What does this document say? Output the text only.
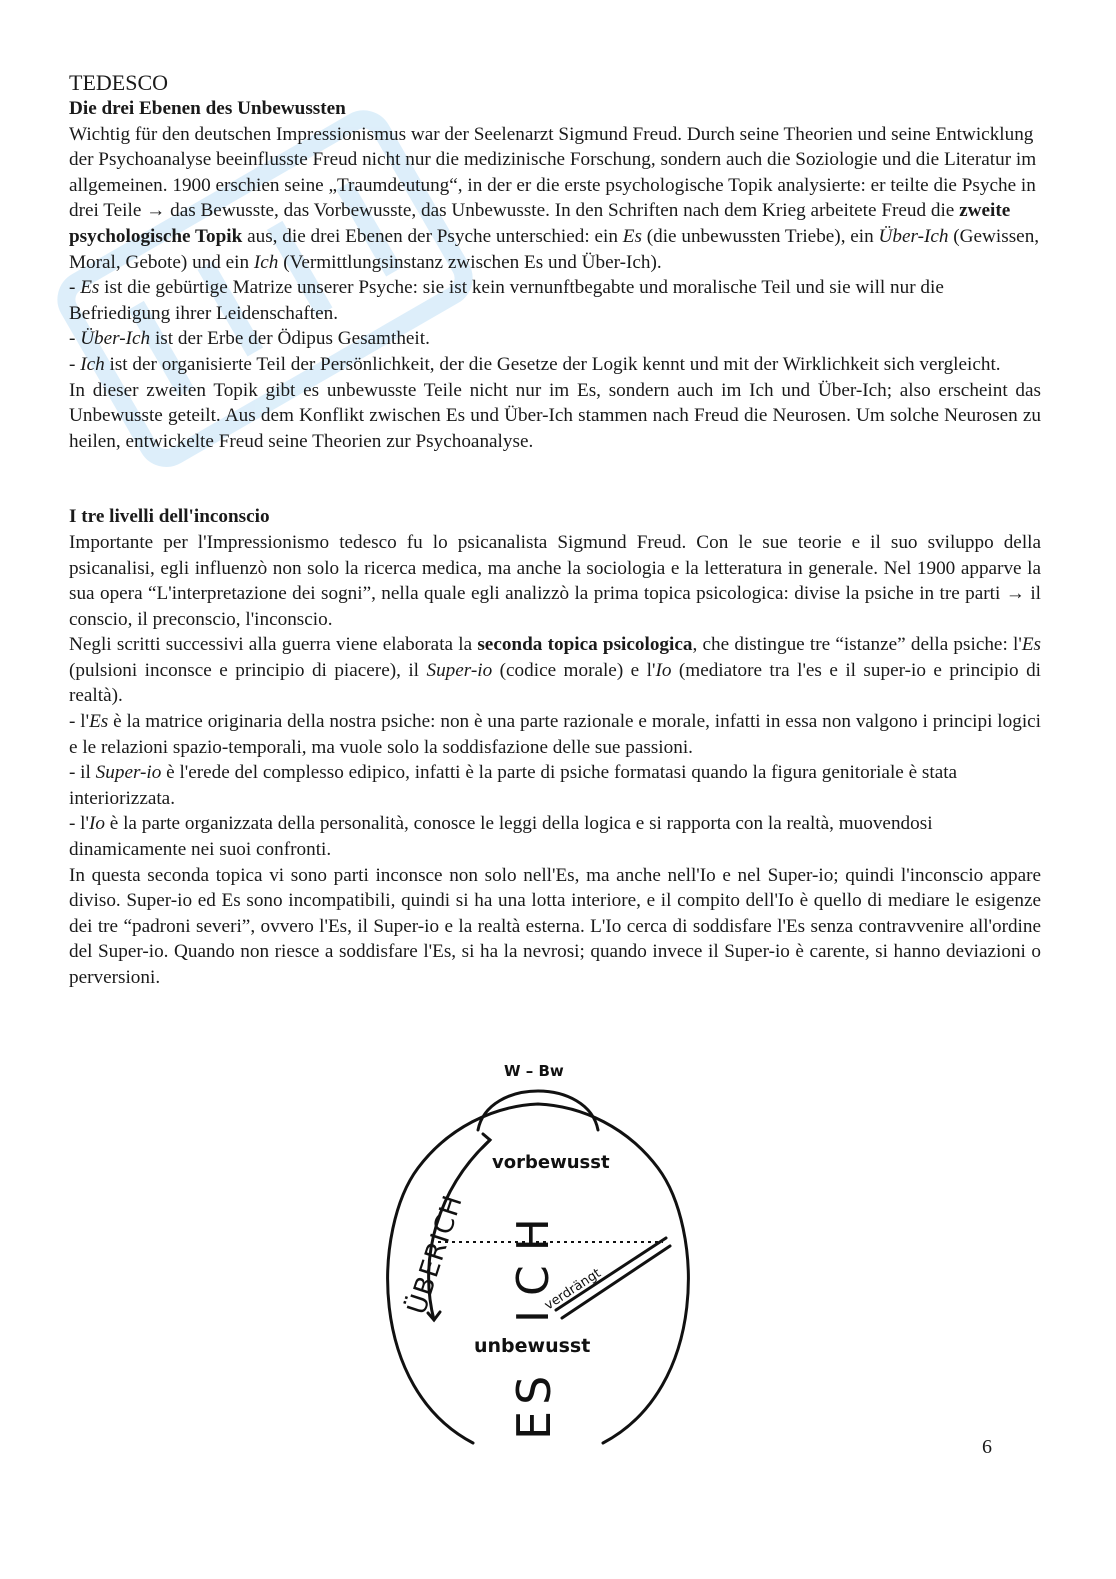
TEDESCO

Die drei Ebenen des Unbewussten

Wichtig für den deutschen Impressionismus war der Seelenarzt Sigmund Freud. Durch seine Theorien und seine Entwicklung der Psychoanalyse beeinflusste Freud nicht nur die medizinische Forschung, sondern auch die Soziologie und die Literatur im allgemeinen. 1900 erschien seine „Traumdeutung“, in der er die erste psychologische Topik analysierte: er teilte die Psyche in drei Teile → das Bewusste, das Vorbewusste, das Unbewusste. In den Schriften nach dem Krieg arbeitete Freud die zweite psychologische Topik aus, die drei Ebenen der Psyche unterschied: ein Es (die unbewussten Triebe), ein Über-Ich (Gewissen, Moral, Gebote) und ein Ich (Vermittlungsinstanz zwischen Es und Über-Ich).

- Es ist die gebürtige Matrize unserer Psyche: sie ist kein vernunftbegabte und moralische Teil und sie will nur die Befriedigung ihrer Leidenschaften.

- Über-Ich ist der Erbe der Ödipus Gesamtheit.

- Ich ist der organisierte Teil der Persönlichkeit, der die Gesetze der Logik kennt und mit der Wirklichkeit sich vergleicht.

In dieser zweiten Topik gibt es unbewusste Teile nicht nur im Es, sondern auch im Ich und Über-Ich; also erscheint das Unbewusste geteilt. Aus dem Konflikt zwischen Es und Über-Ich stammen nach Freud die Neurosen. Um solche Neurosen zu heilen, entwickelte Freud seine Theorien zur Psychoanalyse.

I tre livelli dell'inconscio

Importante per l'Impressionismo tedesco fu lo psicanalista Sigmund Freud. Con le sue teorie e il suo sviluppo della psicanalisi, egli influenzò non solo la ricerca medica, ma anche la sociologia e la letteratura in generale. Nel 1900 apparve la sua opera “L'interpretazione dei sogni”, nella quale egli analizzò la prima topica psicologica: divise la psiche in tre parti → il conscio, il preconscio, l'inconscio.

Negli scritti successivi alla guerra viene elaborata la seconda topica psicologica, che distingue tre “istanze” della psiche: l'Es (pulsioni inconsce e principio di piacere), il Super-io (codice morale) e l'Io (mediatore tra l'es e il super-io e principio di realtà).

- l'Es è la matrice originaria della nostra psiche: non è una parte razionale e morale, infatti in essa non valgono i principi logici e le relazioni spazio-temporali, ma vuole solo la soddisfazione delle sue passioni.

- il Super-io è l'erede del complesso edipico, infatti è la parte di psiche formatasi quando la figura genitoriale è stata interiorizzata.

- l'Io è la parte organizzata della personalità, conosce le leggi della logica e si rapporta con la realtà, muovendosi dinamicamente nei suoi confronti.

In questa seconda topica vi sono parti inconsce non solo nell'Es, ma anche nell'Io e nel Super-io; quindi l'inconscio appare diviso. Super-io ed Es sono incompatibili, quindi si ha una lotta interiore, e il compito dell'Io è quello di mediare le esigenze dei tre “padroni severi”, ovvero l'Es, il Super-io e la realtà esterna. L'Io cerca di soddisfare l'Es senza contravvenire all'ordine del Super-io. Quando non riesce a soddisfare l'Es, si ha la nevrosi; quando invece il Super-io è carente, si hanno deviazioni o perversioni.

W – Bw
ÜBERICH
vorbewusst
ICH
verdrängt
unbewusst
ES
6
